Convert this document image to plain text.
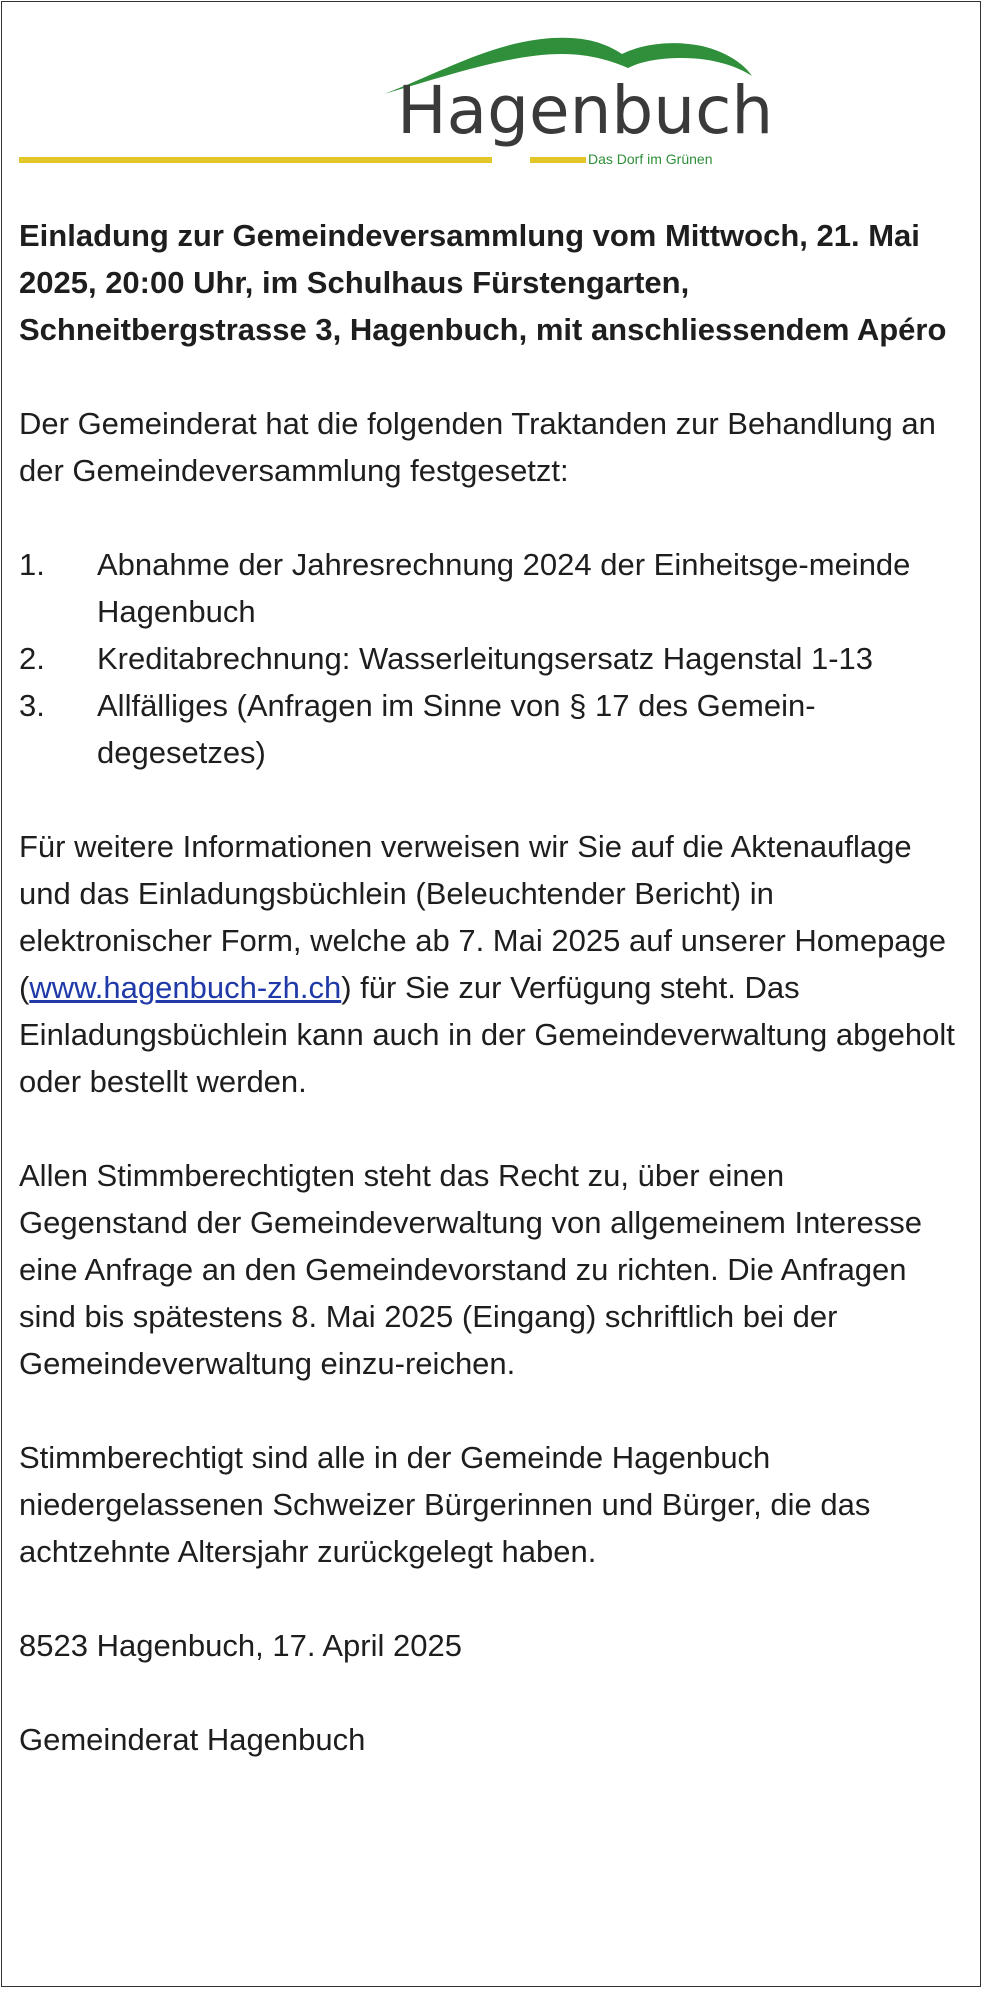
Hagenbuch
Das Dorf im Grünen

Einladung zur Gemeindeversammlung vom Mittwoch, 21. Mai 2025, 20:00 Uhr, im Schulhaus Fürstengarten, Schneitbergstrasse 3, Hagenbuch, mit anschliessendem Apéro

Der Gemeinderat hat die folgenden Traktanden zur Behandlung an der Gemeindeversammlung festgesetzt:

1. Abnahme der Jahresrechnung 2024 der Einheitsge-meinde Hagenbuch
2. Kreditabrechnung: Wasserleitungsersatz Hagenstal 1-13
3. Allfälliges (Anfragen im Sinne von § 17 des Gemein-degesetzes)

Für weitere Informationen verweisen wir Sie auf die Aktenauflage und das Einladungsbüchlein (Beleuchtender Bericht) in elektronischer Form, welche ab 7. Mai 2025 auf unserer Homepage (www.hagenbuch-zh.ch) für Sie zur Verfügung steht. Das Einladungsbüchlein kann auch in der Gemeindeverwaltung abgeholt oder bestellt werden.

Allen Stimmberechtigten steht das Recht zu, über einen Gegenstand der Gemeindeverwaltung von allgemeinem Interesse eine Anfrage an den Gemeindevorstand zu richten. Die Anfragen sind bis spätestens 8. Mai 2025 (Eingang) schriftlich bei der Gemeindeverwaltung einzu-reichen.

Stimmberechtigt sind alle in der Gemeinde Hagenbuch niedergelassenen Schweizer Bürgerinnen und Bürger, die das achtzehnte Altersjahr zurückgelegt haben.

8523 Hagenbuch, 17. April 2025

Gemeinderat Hagenbuch
